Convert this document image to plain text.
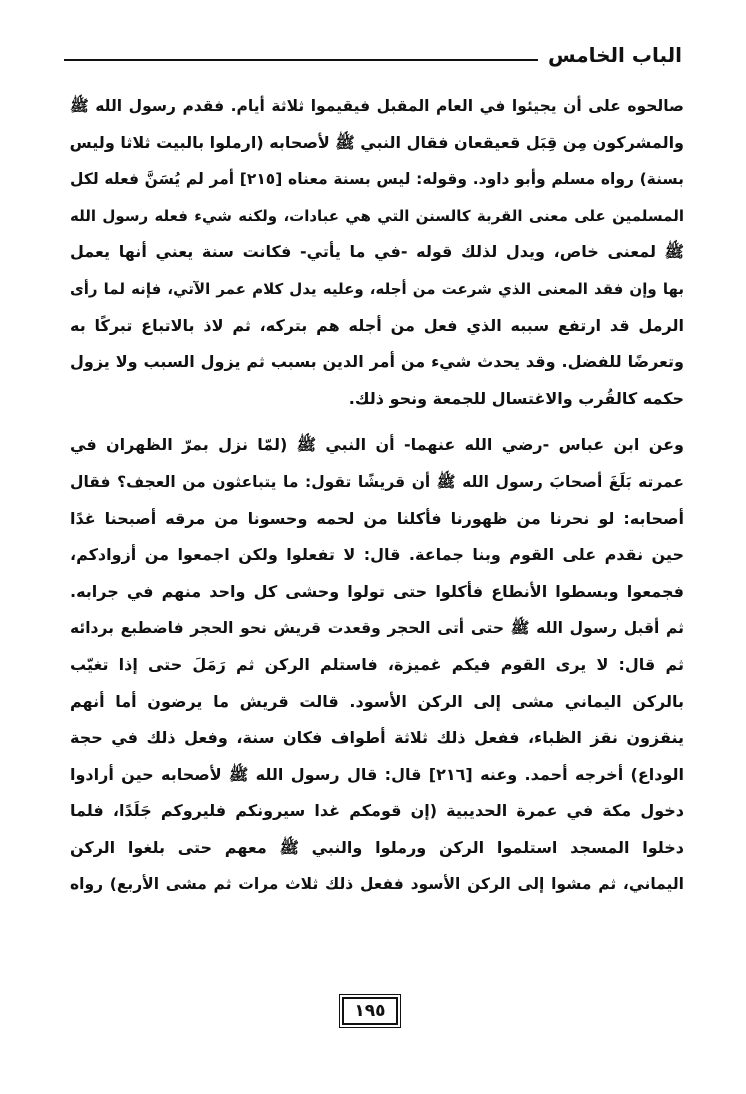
الباب الخامس
صالحوه على أن يجيئوا في العام المقبل فيقيموا ثلاثة أيام. فقدم رسول الله ﷺ
والمشركون مِن قِبَل قعيقعان فقال النبي ﷺ لأصحابه (ارملوا بالبيت ثلاثا وليس
بسنة) رواه مسلم وأبو داود. وقوله: ليس بسنة معناه [٢١٥] أمر لم يُسَنَّ فعله لكل
المسلمين على معنى القربة كالسنن التي هي عبادات، ولكنه شيء فعله رسول الله
ﷺ لمعنى خاص، ويدل لذلك قوله -في ما يأتي- فكانت سنة يعني أنها يعمل
بها وإن فقد المعنى الذي شرعت من أجله، وعليه يدل كلام عمر الآتي، فإنه لما رأى
الرمل قد ارتفع سببه الذي فعل من أجله هم بتركه، ثم لاذ بالاتباع تبركًا به
وتعرضًا للفضل. وقد يحدث شيء من أمر الدين بسبب ثم يزول السبب ولا يزول
حكمه كالقُرب والاغتسال للجمعة ونحو ذلك.
وعن ابن عباس -رضي الله عنهما- أن النبي ﷺ (لمّا نزل بمرّ الظهران في
عمرته بَلَغَ أصحابَ رسول الله ﷺ أن قريشًا تقول: ما يتباعثون من العجف؟ فقال
أصحابه: لو نحرنا من ظهورنا فأكلنا من لحمه وحسونا من مرقه أصبحنا غدًا
حين نقدم على القوم وبنا جماعة. قال: لا تفعلوا ولكن اجمعوا من أزوادكم،
فجمعوا وبسطوا الأنطاع فأكلوا حتى تولوا وحشى كل واحد منهم في جرابه.
ثم أقبل رسول الله ﷺ حتى أتى الحجر وقعدت قريش نحو الحجر فاضطبع بردائه
ثم قال: لا يرى القوم فيكم غميزة، فاستلم الركن ثم رَمَلَ حتى إذا تغيّب
بالركن اليماني مشى إلى الركن الأسود. قالت قريش ما يرضون أما أنهم
ينقزون نقز الظباء، ففعل ذلك ثلاثة أطواف فكان سنة، وفعل ذلك في حجة
الوداع) أخرجه أحمد. وعنه [٢١٦] قال: قال رسول الله ﷺ لأصحابه حين أرادوا
دخول مكة في عمرة الحديبية (إن قومكم غدا سيرونكم فليروكم جَلَدًا، فلما
دخلوا المسجد استلموا الركن ورملوا والنبي ﷺ معهم حتى بلغوا الركن
اليماني، ثم مشوا إلى الركن الأسود ففعل ذلك ثلاث مرات ثم مشى الأربع) رواه
١٩٥
